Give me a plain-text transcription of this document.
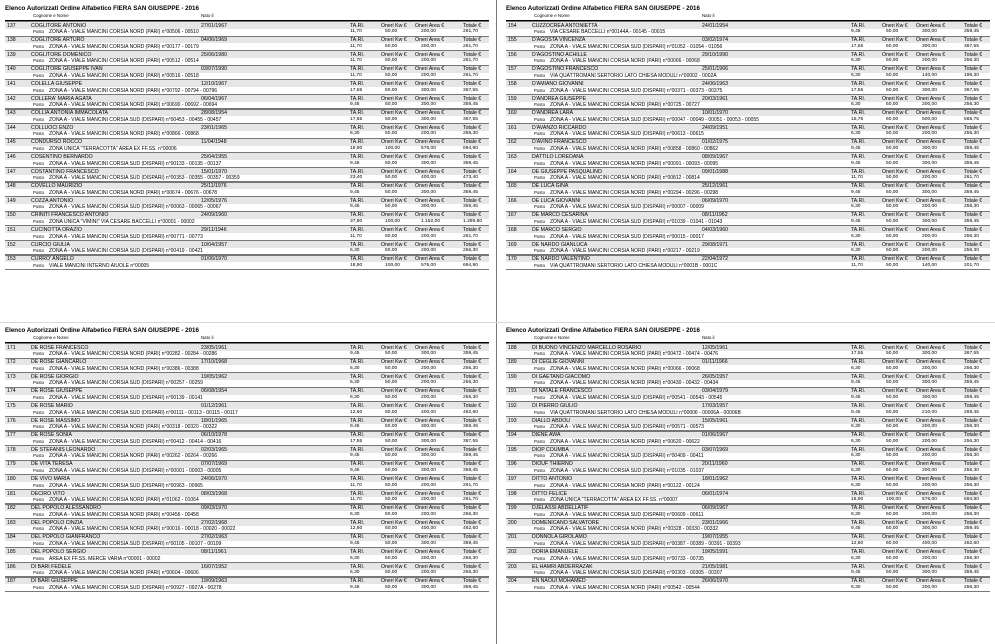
Elenco Autorizzati Ordine Alfabetico FIERA SAN GIUSEPPE - 2016
Cognome e Nome	Nato il
137	COGLITORE ANTONIO	27/01/1967	TA.RI.	Oneri Kw € Oneri Area €	Totale €
Posto ZONA A - VIALE MANCINI CORSIA NORD (PARI) n°00506 - 00510	11,70	50,00	200,00	261,70
138	COGLITORE ARTURO	04/06/1969	TA.RI.	Oneri Kw € Oneri Area €	Totale €
Posto ZONA A - VIALE MANCINI CORSIA NORD (PARI) n°00177 - 00179	11,70	50,00	200,00	261,70
139	COGLITORE DOMENICO	25/06/1980	TA.RI.	Oneri Kw € Oneri Area €	Totale €
Posto ZONA A - VIALE MANCINI CORSIA NORD (PARI) n°00512 - 00514	11,70	50,00	200,00	261,70
140	COGLITORE GIUSEPPE IVAN	03/07/1990	TA.RI.	Oneri Kw € Oneri Area €	Totale €
Posto ZONA A - VIALE MANCINI CORSIA NORD (PARI) n°00516 - 00518	11,70	50,00	200,00	261,70
141	COLELLA GIUSEPPE	12/10/1967	TA.RI.	Oneri Kw € Oneri Area €	Totale €
Posto ZONA A - VIALE MANCINI CORSIA NORD (PARI) n°00792 - 00794 - 00796	17,55	50,00	300,00	367,55
142	COLLERA' MARIA AGATA	06/04/1967	TA.RI.	Oneri Kw € Oneri Area €	Totale €
Posto ZONA A - VIALE MANCINI CORSIA NORD (PARI) n°00690 - 00692 - 00694	9,45	50,00	300,00	359,45
143	COLLIA ANTONIA IMMACOLATA	28/08/1954	TA.RI.	Oneri Kw € Oneri Area €	Totale €
Posto ZONA A - VIALE MANCINI CORSIA SUD (DISPARI) n°00453 - 00455 - 00457	17,55	50,00	300,00	367,55
144	COLLUOCI ENZO	23/01/1965	TA.RI.	Oneri Kw € Oneri Area €	Totale €
Posto ZONA A - VIALE MANCINI CORSIA NORD (PARI) n°00866 - 00868	6,30	50,00	200,00	256,30
145	CONDURSO ROCCO	11/04/1948	TA.RI.	Oneri Kw € Oneri Area €	Totale €
Posto ZONA UNICA "TERRACOTTA" AREA EX FF.SS. n°00006	18,90	100,00	576,00	694,90
146	COSENTINO BERNARDO	25/04/1955	TA.RI.	Oneri Kw € Oneri Area €	Totale €
Posto ZONA A - VIALE MANCINI CORSIA SUD (DISPARI) n°00133 - 00135 - 00137	9,45	50,00	300,00	359,45
147	COSTANTINO FRANCESCO	15/01/1970	TA.RI.	Oneri Kw € Oneri Area €	Totale €
Posto ZONA A - VIALE MANCINI CORSIA SUD (DISPARI) n°00353 - 00355 - 00357 - 00359	23,40	50,00	400,00	473,40
148	COVELLO MAURIZIO	25/11/1976	TA.RI.	Oneri Kw € Oneri Area €	Totale €
Posto ZONA A - VIALE MANCINI CORSIA NORD (PARI) n°00674 - 00676 - 00678	9,45	50,00	300,00	359,45
149	COZZA ANTONIO	12/05/1976	TA.RI.	Oneri Kw € Oneri Area €	Totale €
Posto ZONA A - VIALE MANCINI CORSIA SUD (DISPARI) n°00063 - 00065 - 00067	9,45	50,00	300,00	359,45
150	CRINITI FRANCESCO ANTONIO	24/09/1960	TA.RI.	Oneri Kw € Oneri Area €	Totale €
Posto ZONA UNICA "VIMINI" VIA CESARE BACCELLI n°00001 - 00002	37,80	100,00	1.152,00	1.289,80
151	CUCINOTTA ORAZIO	29/11/1946	TA.RI.	Oneri Kw € Oneri Area €	Totale €
Posto ZONA A - VIALE MANCINI CORSIA SUD (DISPARI) n°00771 - 00773	11,70	50,00	200,00	261,70
152	CURCIO GIULIA	10/04/1957	TA.RI.	Oneri Kw € Oneri Area €	Totale €
Posto ZONA A - VIALE MANCINI CORSIA SUD (DISPARI) n°00419 - 00421	6,30	50,00	200,00	256,30
153	CURRO' ANGELO	01/06/1970	TA.RI.	Oneri Kw € Oneri Area €	Totale €
Posto VIALE MANCINI INTERNO AIUOLE n°00005	18,90	100,00	576,00	694,90
Elenco Autorizzati Ordine Alfabetico FIERA SAN GIUSEPPE - 2016
Cognome e Nome	Nato il
154	CUZZOCREA ANTONIETTA	24/01/1954	TA.RI.	Oneri Kw € Oneri Area €	Totale €
Posto VIA CESARE BACCELLI n°00144A - 00145 - 00015	9,45	50,00	300,00	359,45
155	D'AGOSTA VINCENZA	03/02/1974	TA.RI.	Oneri Kw € Oneri Area €	Totale €
Posto ZONA A - VIALE MANCINI CORSIA SUD (DISPARI) n°01052 - 01054 - 01056	17,55	50,00	300,00	367,55
156	D'AGOSTINO ACHILLE	29/10/1990	TA.RI.	Oneri Kw € Oneri Area €	Totale €
Posto ZONA A - VIALE MANCINI CORSIA NORD (PARI) n°00066 - 00068	6,30	50,00	200,00	256,30
157	D'AGOSTINO FRANCESCO	25/01/1966	TA.RI.	Oneri Kw € Oneri Area €	Totale €
Posto VIA QUATTROMANI SERTORIO LATO CHIESA MODULI n°00002 - 0002A	6,30	50,00	140,00	196,30
158	D'AMIANO GIOVANNI	24/06/1963	TA.RI.	Oneri Kw € Oneri Area €	Totale €
Posto ZONA A - VIALE MANCINI CORSIA SUD (DISPARI) n°00371 - 00373 - 00375	17,55	50,00	300,00	367,55
159	D'ANDREA GIUSEPPE	20/03/1961	TA.RI.	Oneri Kw € Oneri Area €	Totale €
Posto ZONA A - VIALE MANCINI CORSIA NORD (PARI) n°00725 - 00727	6,30	50,00	200,00	256,30
160	D'ANDREA LARA	10/01/1970	TA.RI.	Oneri Kw € Oneri Area €	Totale €
Posto ZONA A - VIALE MANCINI CORSIA SUD (DISPARI) n°00047 - 00049 - 00051 - 00053 - 00055	15,75	50,00	500,00	565,75
161	D'AVANZO RICCARDO	24/09/1951	TA.RI.	Oneri Kw € Oneri Area €	Totale €
Posto ZONA A - VIALE MANCINI CORSIA SUD (DISPARI) n°00613 - 00615	6,30	50,00	200,00	256,30
162	D'AVINO FRANCESCO	01/02/1975	TA.RI.	Oneri Kw € Oneri Area €	Totale €
Posto ZONA A - VIALE MANCINI CORSIA NORD (PARI) n°00858 - 00860 - 00862	9,45	50,00	300,00	359,45
163	DATTILO LOREDANA	08/09/1967	TA.RI.	Oneri Kw € Oneri Area €	Totale €
Posto ZONA A - VIALE MANCINI CORSIA NORD (PARI) n°00091 - 00093 - 00095	9,45	50,00	300,00	359,45
164	DE GIUSEPPE PASQUALINO	09/01/1988	TA.RI.	Oneri Kw € Oneri Area €	Totale €
Posto ZONA A - VIALE MANCINI CORSIA NORD (PARI) n°00812 - 00814	11,70	50,00	200,00	261,70
165	DE LUCA GINA	25/12/1961	TA.RI.	Oneri Kw € Oneri Area €	Totale €
Posto ZONA A - VIALE MANCINI CORSIA NORD (PARI) n°00294 - 00296 - 00298	9,45	50,00	300,00	359,45
166	DE LUCA GIOVANNI	06/09/1970	TA.RI.	Oneri Kw € Oneri Area €	Totale €
Posto ZONA A - VIALE MANCINI CORSIA SUD (DISPARI) n°00007 - 00009	6,30	50,00	200,00	256,30
167	DE MARCO CESARINA	08/11/1962	TA.RI.	Oneri Kw € Oneri Area €	Totale €
Posto ZONA A - VIALE MANCINI CORSIA SUD (DISPARI) n°01039 - 01041 - 01043	9,45	50,00	300,00	359,45
168	DE MARCO SERGIO	04/03/1960	TA.RI.	Oneri Kw € Oneri Area €	Totale €
Posto ZONA A - VIALE MANCINI CORSIA SUD (DISPARI) n°00015 - 00017	6,30	50,00	200,00	256,30
169	DE NARDO GIANLUCA	29/08/1971	TA.RI.	Oneri Kw € Oneri Area €	Totale €
Posto ZONA A - VIALE MANCINI CORSIA NORD (PARI) n°00217 - 00219	6,30	50,00	200,00	256,30
170	DE NARDO VALENTINO	22/04/1972	TA.RI.	Oneri Kw € Oneri Area €	Totale €
Posto VIA QUATTROMANI SERTORIO LATO CHIESA MODULI n°0001B - 0001C	11,70	50,00	140,00	201,70
Elenco Autorizzati Ordine Alfabetico FIERA SAN GIUSEPPE - 2016
Cognome e Nome	Nato il
171	DE ROSE FRANCESCO	23/05/1961	TA.RI.	Oneri Kw € Oneri Area €	Totale €
Posto ZONA A - VIALE MANCINI CORSIA NORD (PARI) n°00282 - 00284 - 00286	9,45	50,00	300,00	359,45
172	DE ROSE GIANCARLO	17/10/1968	TA.RI.	Oneri Kw € Oneri Area €	Totale €
Posto ZONA A - VIALE MANCINI CORSIA NORD (PARI) n°00386 - 00388	6,30	50,00	200,00	256,30
173	DE ROSE GIORGIO	19/05/1962	TA.RI.	Oneri Kw € Oneri Area €	Totale €
Posto ZONA A - VIALE MANCINI CORSIA SUD (DISPARI) n°00257 - 00259	6,30	50,00	200,00	256,30
174	DE ROSE GIUSEPPE	06/08/1954	TA.RI.	Oneri Kw € Oneri Area €	Totale €
Posto ZONA A - VIALE MANCINI CORSIA SUD (DISPARI) n°00139 - 00141	6,30	50,00	200,00	256,30
175	DE ROSE MARIO	01/12/1961	TA.RI.	Oneri Kw € Oneri Area €	Totale €
Posto ZONA A - VIALE MANCINI CORSIA SUD (DISPARI) n°00111 - 00113 - 00115 - 00117	12,60	50,00	400,00	462,60
176	DE ROSE MASSIMO	18/01/1965	TA.RI.	Oneri Kw € Oneri Area €	Totale €
Posto ZONA A - VIALE MANCINI CORSIA NORD (PARI) n°00318 - 00320 - 00322	9,45	50,00	300,00	359,45
177	DE ROSE SONIA	06/10/1978	TA.RI.	Oneri Kw € Oneri Area €	Totale €
Posto ZONA A - VIALE MANCINI CORSIA SUD (DISPARI) n°00412 - 00414 - 00416	17,55	50,00	300,00	367,55
178	DE STEFANIS LEONARDO	02/03/1965	TA.RI.	Oneri Kw € Oneri Area €	Totale €
Posto ZONA A - VIALE MANCINI CORSIA NORD (PARI) n°00262 - 00264 - 00266	9,45	50,00	300,00	359,45
179	DE VITA TERESA	07/07/1969	TA.RI.	Oneri Kw € Oneri Area €	Totale €
Posto ZONA A - VIALE MANCINI CORSIA SUD (DISPARI) n°00001 - 00003 - 00005	9,45	50,00	300,00	359,45
180	DE VIVO MARIA	24/06/1970	TA.RI.	Oneri Kw € Oneri Area €	Totale €
Posto ZONA A - VIALE MANCINI CORSIA SUD (DISPARI) n°00963 - 00965	11,70	50,00	200,00	261,70
181	DECIRO VITO	08/03/1968	TA.RI.	Oneri Kw € Oneri Area €	Totale €
Posto ZONA A - VIALE MANCINI CORSIA NORD (PARI) n°01062 - 01064	11,70	50,00	200,00	261,70
182	DEL POPOLO ALESSANDRO	09/03/1970	TA.RI.	Oneri Kw € Oneri Area €	Totale €
Posto ZONA A - VIALE MANCINI CORSIA NORD (PARI) n°00456 - 00458	6,30	50,00	200,00	256,30
183	DEL POPOLO CINZIA	27/02/1968	TA.RI.	Oneri Kw € Oneri Area €	Totale €
Posto ZONA A - VIALE MANCINI CORSIA NORD (PARI) n°00016 - 00018 - 00020 - 00022	12,60	50,00	400,00	462,60
184	DEL POPOLO GIANFRANCO	27/02/1963	TA.RI.	Oneri Kw € Oneri Area €	Totale €
Posto ZONA A - VIALE MANCINI CORSIA SUD (DISPARI) n°00105 - 00107 - 00109	9,45	50,00	300,00	359,45
185	DEL POPOLO SERGIO	08/11/1961	TA.RI.	Oneri Kw € Oneri Area €	Totale €
Posto AREA EX FF.SS. MERCE VARIA n°00001 - 00002	6,30	50,00	200,00	256,30
186	DI BARI FEDELE	16/07/1952	TA.RI.	Oneri Kw € Oneri Area €	Totale €
Posto ZONA A - VIALE MANCINI CORSIA NORD (PARI) n°00604 - 00606	6,30	50,00	200,00	256,30
187	DI BARI GIUSEPPE	19/09/1963	TA.RI.	Oneri Kw € Oneri Area €	Totale €
Posto ZONA A - VIALE MANCINI CORSIA SUD (DISPARI) n°00927 - 0927A - 00278	9,45	50,00	300,00	359,45
Elenco Autorizzati Ordine Alfabetico FIERA SAN GIUSEPPE - 2016
Cognome e Nome	Nato il
188	DI BUONO VINCENZO MARCELLO ROSARIO	12/05/1961	TA.RI.	Oneri Kw € Oneri Area €	Totale €
Posto ZONA A - VIALE MANCINI CORSIA NORD (PARI) n°00472 - 00474 - 00476	17,55	50,00	300,00	367,55
189	DI CEGLIE GIOVANNI	01/11/1966	TA.RI.	Oneri Kw € Oneri Area €	Totale €
Posto ZONA A - VIALE MANCINI CORSIA NORD (PARI) n°00066 - 00068	6,30	50,00	200,00	256,30
190	DI GAETANO GIACOMO	26/05/1957	TA.RI.	Oneri Kw € Oneri Area €	Totale €
Posto ZONA A - VIALE MANCINI CORSIA NORD (PARI) n°00430 - 00432 - 00434	9,45	50,00	300,00	359,45
191	DI NATALE FRANCESCO	03/04/1979	TA.RI.	Oneri Kw € Oneri Area €	Totale €
Posto ZONA A - VIALE MANCINI CORSIA SUD (DISPARI) n°00541 - 00543 - 00545	9,45	50,00	300,00	359,45
192	DI PIERRO GIULIO	17/03/1957	TA.RI.	Oneri Kw € Oneri Area €	Totale €
Posto VIA QUATTROMANI SERTORIO LATO CHIESA MODULI n°00006 - 00006A - 00006B	9,45	50,00	210,00	269,45
193	DIALLO ABDOU	15/05/1961	TA.RI.	Oneri Kw € Oneri Area €	Totale €
Posto ZONA A - VIALE MANCINI CORSIA SUD (DISPARI) n°00571 - 00573	6,30	50,00	200,00	256,30
194	DIENE AWA	01/06/1967	TA.RI.	Oneri Kw € Oneri Area €	Totale €
Posto ZONA A - VIALE MANCINI CORSIA NORD (PARI) n°00620 - 00622	6,30	50,00	200,00	256,30
195	DIOP COUMBA	03/07/1969	TA.RI.	Oneri Kw € Oneri Area €	Totale €
Posto ZONA A - VIALE MANCINI CORSIA SUD (DISPARI) n°00409 - 00411	6,30	50,00	200,00	256,30
196	DIOUF THIERNO	20/11/1960	TA.RI.	Oneri Kw € Oneri Area €	Totale €
Posto ZONA A - VIALE MANCINI CORSIA SUD (DISPARI) n°01035 - 01037	6,30	50,00	200,00	256,30
197	DITTO ANTONIO	18/01/1962	TA.RI.	Oneri Kw € Oneri Area €	Totale €
Posto ZONA A - VIALE MANCINI CORSIA NORD (PARI) n°00122 - 00124	6,30	50,00	200,00	256,30
198	DITTO FELICE	06/01/1974	TA.RI.	Oneri Kw € Oneri Area €	Totale €
Posto ZONA UNICA "TERRACOTTA" AREA EX FF.SS. n°00007	18,90	100,00	576,00	694,90
199	DJELASSI ABDELLATIF	06/09/1967	TA.RI.	Oneri Kw € Oneri Area €	Totale €
Posto ZONA A - VIALE MANCINI CORSIA SUD (DISPARI) n°00609 - 00611	6,30	50,00	200,00	256,30
200	DOMENICANO SALVATORE	23/01/1966	TA.RI.	Oneri Kw € Oneri Area €	Totale €
Posto ZONA A - VIALE MANCINI CORSIA NORD (PARI) n°00328 - 00330 - 00332	9,45	50,00	300,00	359,45
201	DONNOLA GIROLAMO	19/07/1955	TA.RI.	Oneri Kw € Oneri Area €	Totale €
Posto ZONA A - VIALE MANCINI CORSIA SUD (DISPARI) n°00387 - 00389 - 00391 - 00393	12,60	50,00	400,00	462,60
202	DORIA EMANUELE	19/05/1991	TA.RI.	Oneri Kw € Oneri Area €	Totale €
Posto ZONA A - VIALE MANCINI CORSIA SUD (DISPARI) n°00733 - 00735	6,30	50,00	200,00	256,30
203	EL HAMRI ABDERRAZAK	21/05/1981	TA.RI.	Oneri Kw € Oneri Area €	Totale €
Posto ZONA A - VIALE MANCINI CORSIA SUD (DISPARI) n°00303 - 00305 - 00307	9,45	50,00	300,00	359,45
204	EN NAOUI MOHAMED	26/06/1970	TA.RI.	Oneri Kw € Oneri Area €	Totale €
Posto ZONA A - VIALE MANCINI CORSIA NORD (PARI) n°00542 - 00544	6,30	50,00	200,00	256,30
